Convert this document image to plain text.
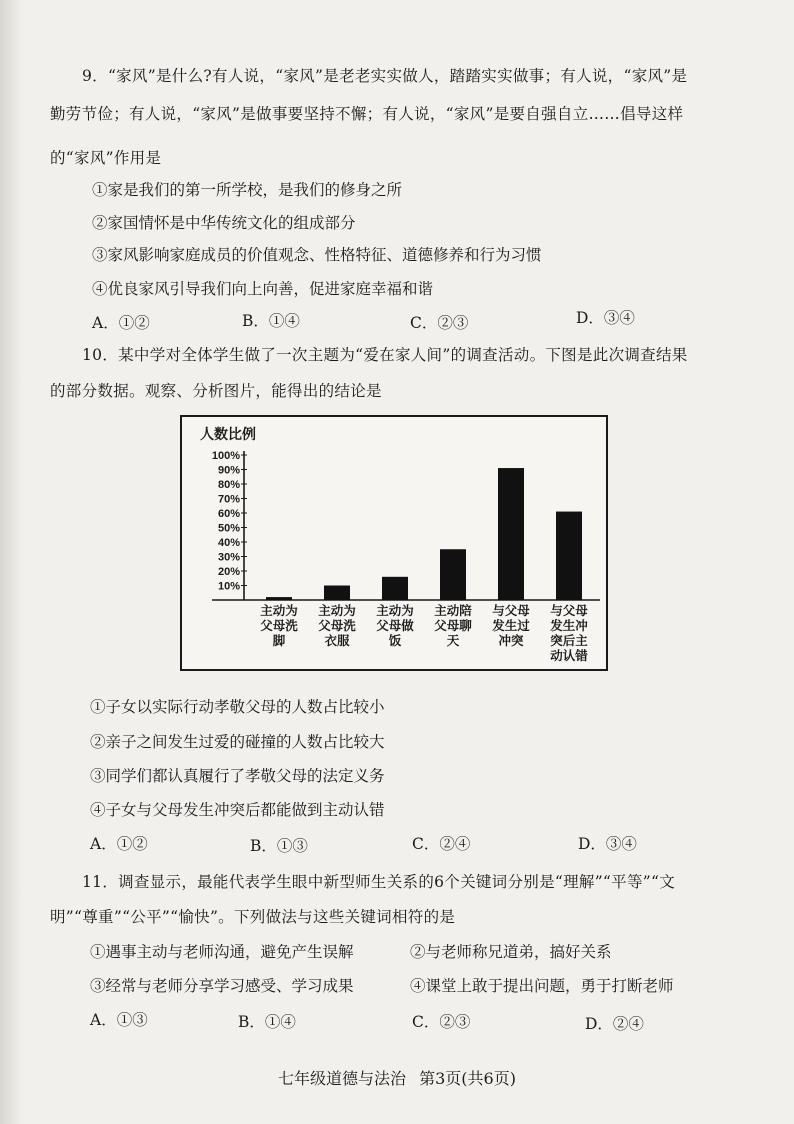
9．“家风”是什么?有人说，“家风”是老老实实做人，踏踏实实做事；有人说，“家风”是
勤劳节俭；有人说，“家风”是做事要坚持不懈；有人说，“家风”是要自强自立……倡导这样
的“家风”作用是
①家是我们的第一所学校，是我们的修身之所
②家国情怀是中华传统文化的组成部分
③家风影响家庭成员的价值观念、性格特征、道德修养和行为习惯
④优良家风引导我们向上向善，促进家庭幸福和谐
A．①②	B．①④	C．②③	D．③④
10．某中学对全体学生做了一次主题为“爱在家人间”的调查活动。下图是此次调查结果
的部分数据。观察、分析图片，能得出的结论是
人数比例
10%
20%
30%
40%
50%
60%
70%
80%
90%
100%
主动为
父母洗
脚
主动为
父母洗
衣服
主动为
父母做
饭
主动陪
父母聊
天
与父母
发生过
冲突
与父母
发生冲
突后主
动认错
①子女以实际行动孝敬父母的人数占比较小
②亲子之间发生过爱的碰撞的人数占比较大
③同学们都认真履行了孝敬父母的法定义务
④子女与父母发生冲突后都能做到主动认错
A．①②	B．①③	C．②④	D．③④
11．调查显示，最能代表学生眼中新型师生关系的6个关键词分别是“理解”“平等”“文
明”“尊重”“公平”“愉快”。下列做法与这些关键词相符的是
①遇事主动与老师沟通，避免产生误解	②与老师称兄道弟，搞好关系
③经常与老师分享学习感受、学习成果	④课堂上敢于提出问题，勇于打断老师
A．①③	B．①④	C．②③	D．②④
七年级道德与法治 第3页(共6页)
